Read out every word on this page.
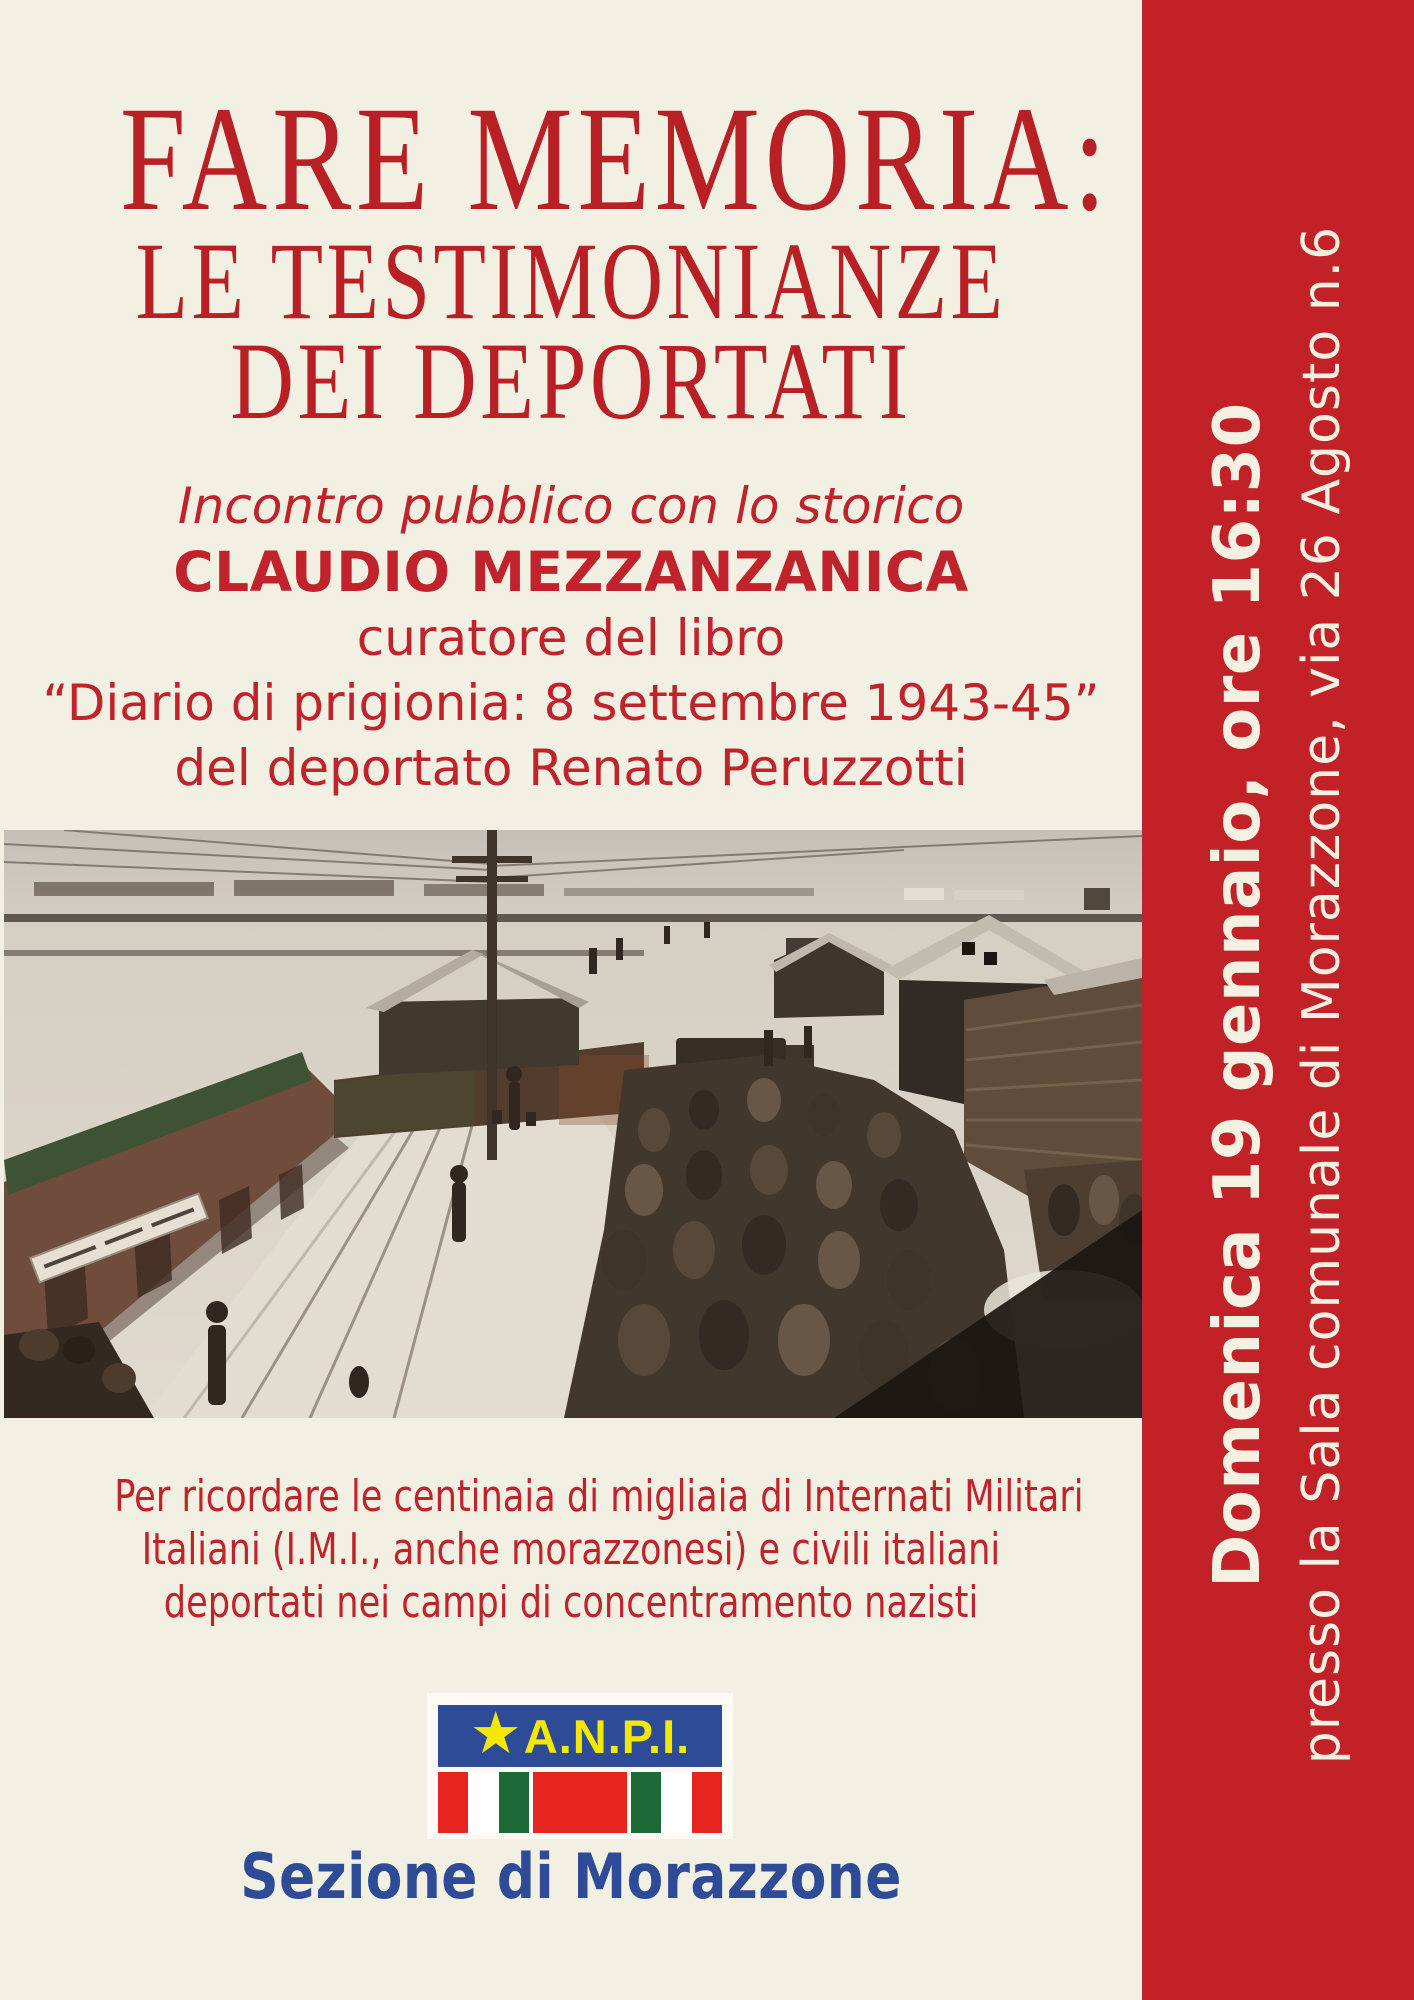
FARE MEMORIA:
LE TESTIMONIANZE
DEI DEPORTATI
Incontro pubblico con lo storico
CLAUDIO MEZZANZANICA
curatore del libro
“Diario di prigionia: 8 settembre 1943-45”
del deportato Renato Peruzzotti
Per ricordare le centinaia di migliaia di Internati Militari
Italiani (I.M.I., anche morazzonesi) e civili italiani
deportati nei campi di concentramento nazisti
★ A.N.P.I.
Sezione di Morazzone
Domenica 19 gennaio, ore 16:30 presso la Sala comunale di Morazzone, via 26 Agosto n.6
